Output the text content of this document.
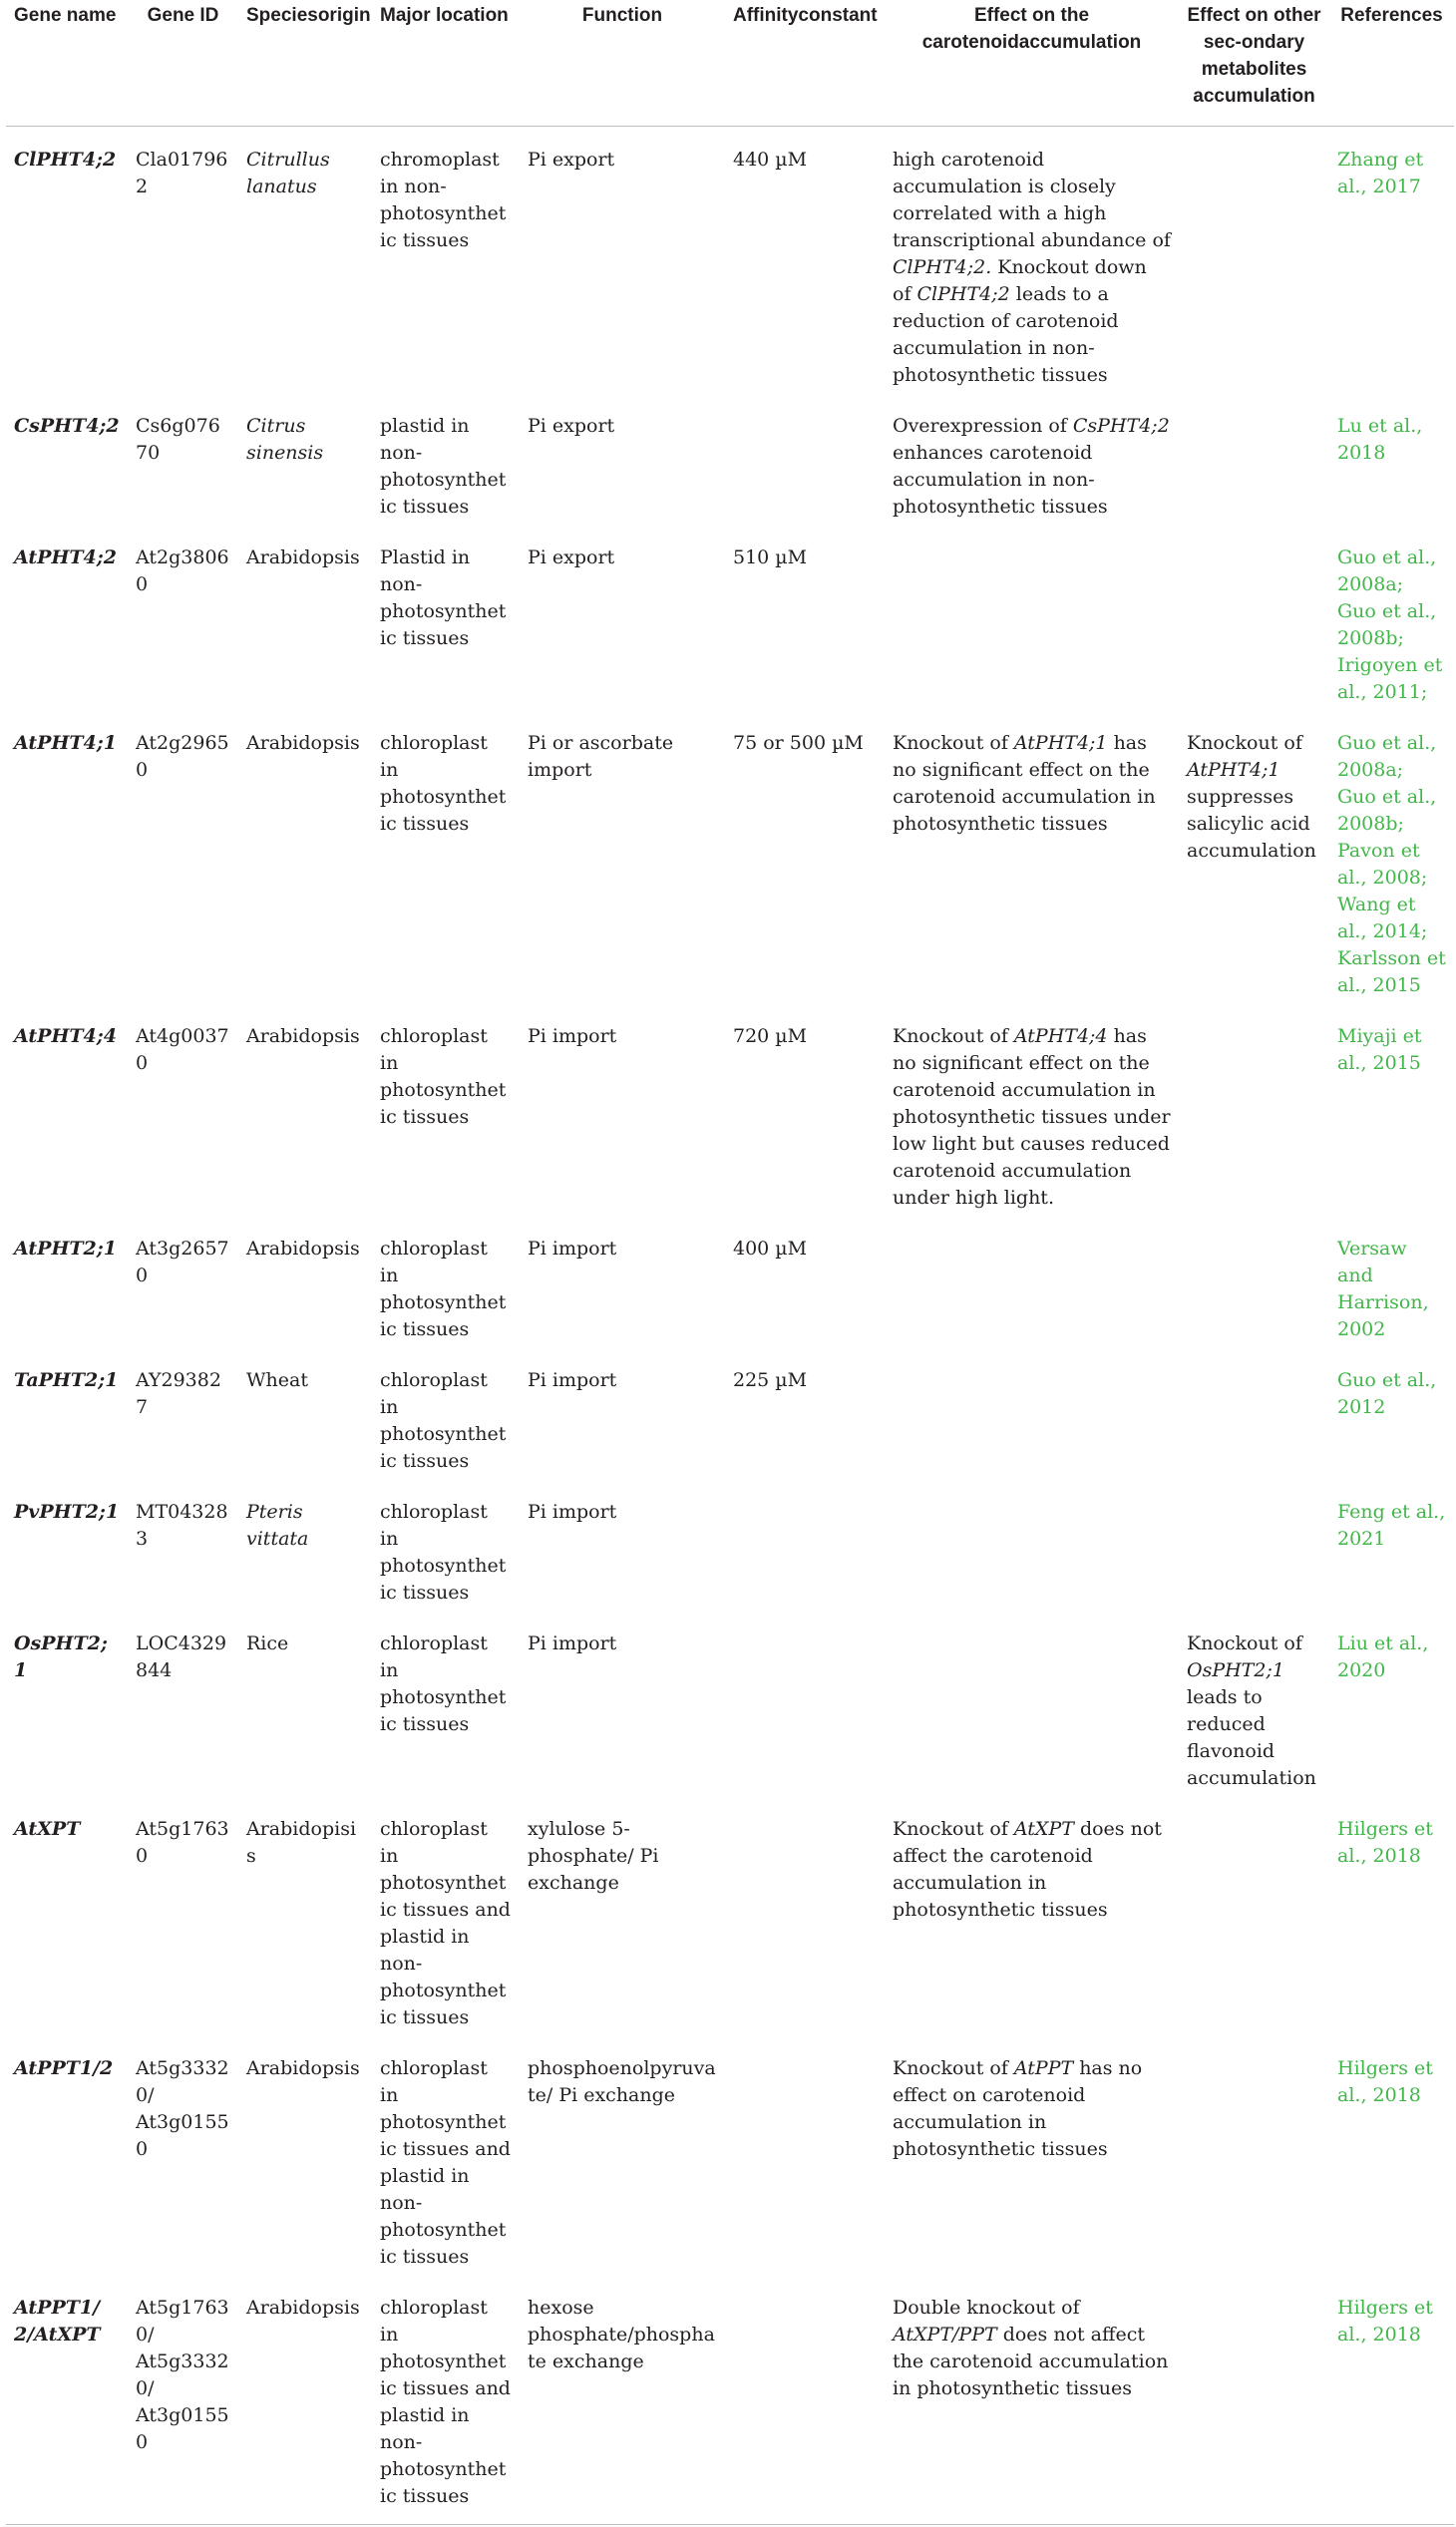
Gene name	Gene ID	Speciesorigin	Major location	Function	Affinityconstant	Effect on the carotenoidaccumulation	Effect on other sec-ondary metabolites accumulation	References
ClPHT4;2	Cla017962	Citrullus lanatus	chromoplast in non-photosynthetic tissues	Pi export	440 µM	high carotenoid accumulation is closely correlated with a high transcriptional abundance of ClPHT4;2. Knockout down of ClPHT4;2 leads to a reduction of carotenoid accumulation in non-photosynthetic tissues		Zhang et al., 2017
CsPHT4;2	Cs6g07670	Citrus sinensis	plastid in non-photosynthetic tissues	Pi export		Overexpression of CsPHT4;2 enhances carotenoid accumulation in non-photosynthetic tissues		Lu et al., 2018
AtPHT4;2	At2g38060	Arabidopsis	Plastid in non-photosynthetic tissues	Pi export	510 µM			Guo et al., 2008a; Guo et al., 2008b; Irigoyen et al., 2011;
AtPHT4;1	At2g29650	Arabidopsis	chloroplast in photosynthetic tissues	Pi or ascorbate import	75 or 500 µM	Knockout of AtPHT4;1 has no significant effect on the carotenoid accumulation in photosynthetic tissues	Knockout of AtPHT4;1 suppresses salicylic acid accumulation	Guo et al., 2008a; Guo et al., 2008b; Pavon et al., 2008; Wang et al., 2014; Karlsson et al., 2015
AtPHT4;4	At4g00370	Arabidopsis	chloroplast in photosynthetic tissues	Pi import	720 µM	Knockout of AtPHT4;4 has no significant effect on the carotenoid accumulation in photosynthetic tissues under low light but causes reduced carotenoid accumulation under high light.		Miyaji et al., 2015
AtPHT2;1	At3g26570	Arabidopsis	chloroplast in photosynthetic tissues	Pi import	400 µM			Versaw and Harrison, 2002
TaPHT2;1	AY293827	Wheat	chloroplast in photosynthetic tissues	Pi import	225 µM			Guo et al., 2012
PvPHT2;1	MT043283	Pteris vittata	chloroplast in photosynthetic tissues	Pi import				Feng et al., 2021
OsPHT2;1	LOC4329844	Rice	chloroplast in photosynthetic tissues	Pi import			Knockout of OsPHT2;1 leads to reduced flavonoid accumulation	Liu et al., 2020
AtXPT	At5g17630	Arabidopisis	chloroplast in photosynthetic tissues and plastid in non-photosynthetic tissues	xylulose 5-phosphate/ Pi exchange		Knockout of AtXPT does not affect the carotenoid accumulation in photosynthetic tissues		Hilgers et al., 2018
AtPPT1/2	At5g33320/ At3g01550	Arabidopsis	chloroplast in photosynthetic tissues and plastid in non-photosynthetic tissues	phosphoenolpyruvate/ Pi exchange		Knockout of AtPPT has no effect on carotenoid accumulation in photosynthetic tissues		Hilgers et al., 2018
AtPPT1/ 2/AtXPT	At5g17630/ At5g33320/ At3g01550	Arabidopsis	chloroplast in photosynthetic tissues and plastid in non-photosynthetic tissues	hexose phosphate/phosphate exchange		Double knockout of AtXPT/PPT does not affect the carotenoid accumulation in photosynthetic tissues		Hilgers et al., 2018
